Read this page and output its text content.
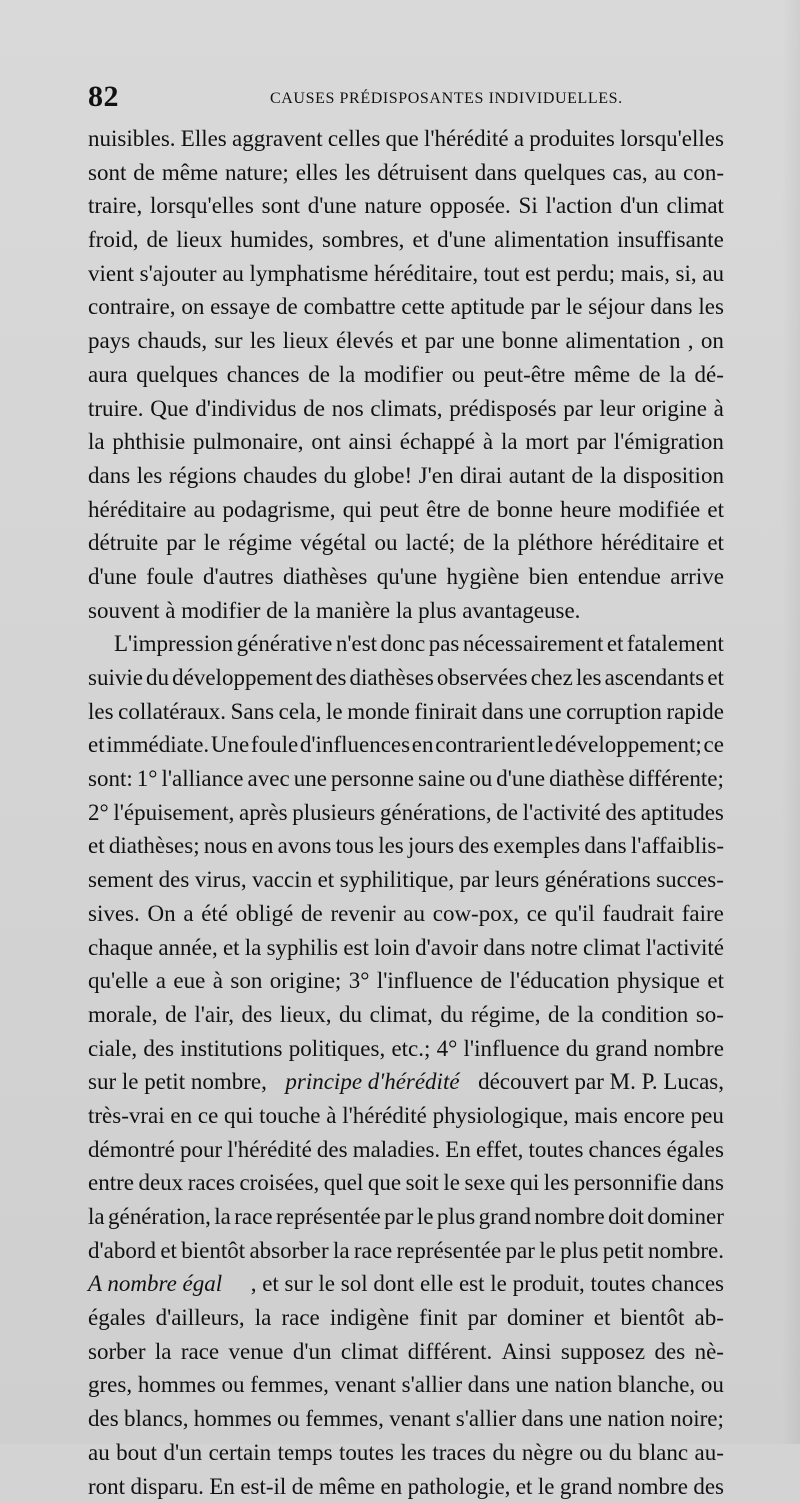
82	CAUSES PRÉDISPOSANTES INDIVIDUELLES.
nuisibles. Elles aggravent celles que l'hérédité a produites lorsqu'elles
sont de même nature; elles les détruisent dans quelques cas, au con-
traire, lorsqu'elles sont d'une nature opposée. Si l'action d'un climat
froid, de lieux humides, sombres, et d'une alimentation insuffisante
vient s'ajouter au lymphatisme héréditaire, tout est perdu; mais, si, au
contraire, on essaye de combattre cette aptitude par le séjour dans les
pays chauds, sur les lieux élevés et par une bonne alimentation , on
aura quelques chances de la modifier ou peut-être même de la dé-
truire. Que d'individus de nos climats, prédisposés par leur origine à
la phthisie pulmonaire, ont ainsi échappé à la mort par l'émigration
dans les régions chaudes du globe! J'en dirai autant de la disposition
héréditaire au podagrisme, qui peut être de bonne heure modifiée et
détruite par le régime végétal ou lacté; de la pléthore héréditaire et
d'une foule d'autres diathèses qu'une hygiène bien entendue arrive
souvent à modifier de la manière la plus avantageuse.
L'impression générative n'est donc pas nécessairement et fatalement
suivie du développement des diathèses observées chez les ascendants et
les collatéraux. Sans cela, le monde finirait dans une corruption rapide
et immédiate. Une foule d'influences en contrarient le développement; ce
sont: 1° l'alliance avec une personne saine ou d'une diathèse différente;
2° l'épuisement, après plusieurs générations, de l'activité des aptitudes
et diathèses; nous en avons tous les jours des exemples dans l'affaiblis-
sement des virus, vaccin et syphilitique, par leurs générations succes-
sives. On a été obligé de revenir au cow-pox, ce qu'il faudrait faire
chaque année, et la syphilis est loin d'avoir dans notre climat l'activité
qu'elle a eue à son origine; 3° l'influence de l'éducation physique et
morale, de l'air, des lieux, du climat, du régime, de la condition so-
ciale, des institutions politiques, etc.; 4° l'influence du grand nombre
sur le petit nombre, principe d'hérédité découvert par M. P. Lucas,
très-vrai en ce qui touche à l'hérédité physiologique, mais encore peu
démontré pour l'hérédité des maladies. En effet, toutes chances égales
entre deux races croisées, quel que soit le sexe qui les personnifie dans
la génération, la race représentée par le plus grand nombre doit dominer
d'abord et bientôt absorber la race représentée par le plus petit nombre.
A nombre égal , et sur le sol dont elle est le produit, toutes chances
égales d'ailleurs, la race indigène finit par dominer et bientôt ab-
sorber la race venue d'un climat différent. Ainsi supposez des nè-
gres, hommes ou femmes, venant s'allier dans une nation blanche, ou
des blancs, hommes ou femmes, venant s'allier dans une nation noire;
au bout d'un certain temps toutes les traces du nègre ou du blanc au-
ront disparu. En est-il de même en pathologie, et le grand nombre des
